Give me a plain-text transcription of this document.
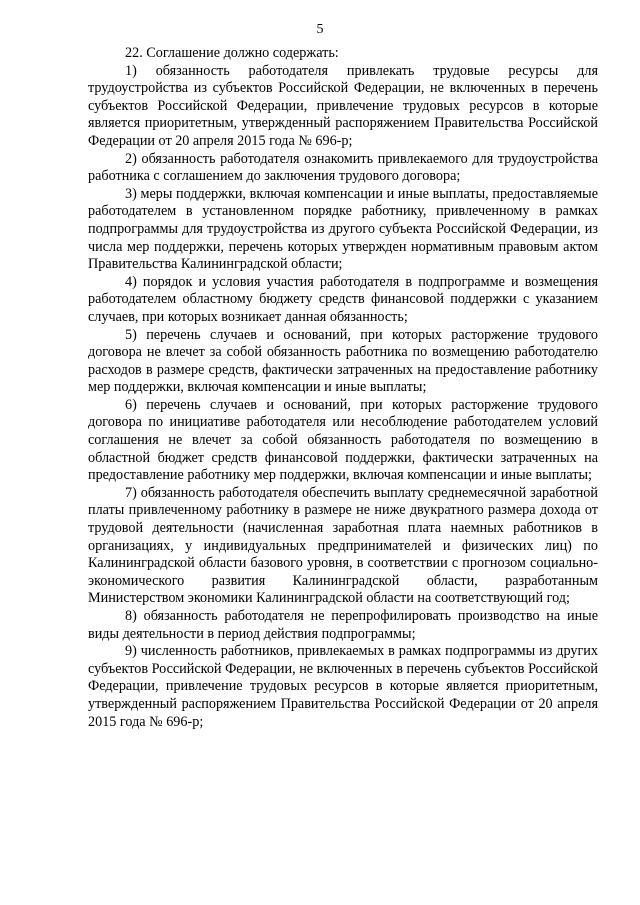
5

22. Соглашение должно содержать:

1) обязанность работодателя привлекать трудовые ресурсы для трудоустройства из субъектов Российской Федерации, не включенных в перечень субъектов Российской Федерации, привлечение трудовых ресурсов в которые является приоритетным, утвержденный распоряжением Правительства Российской Федерации от 20 апреля 2015 года № 696-р;

2) обязанность работодателя ознакомить привлекаемого для трудоустройства работника с соглашением до заключения трудового договора;

3) меры поддержки, включая компенсации и иные выплаты, предоставляемые работодателем в установленном порядке работнику, привлеченному в рамках подпрограммы для трудоустройства из другого субъекта Российской Федерации, из числа мер поддержки, перечень которых утвержден нормативным правовым актом Правительства Калининградской области;

4) порядок и условия участия работодателя в подпрограмме и возмещения работодателем областному бюджету средств финансовой поддержки с указанием случаев, при которых возникает данная обязанность;

5) перечень случаев и оснований, при которых расторжение трудового договора не влечет за собой обязанность работника по возмещению работодателю расходов в размере средств, фактически затраченных на предоставление работнику мер поддержки, включая компенсации и иные выплаты;

6) перечень случаев и оснований, при которых расторжение трудового договора по инициативе работодателя или несоблюдение работодателем условий соглашения не влечет за собой обязанность работодателя по возмещению в областной бюджет средств финансовой поддержки, фактически затраченных на предоставление работнику мер поддержки, включая компенсации и иные выплаты;

7) обязанность работодателя обеспечить выплату среднемесячной заработной платы привлеченному работнику в размере не ниже двукратного размера дохода от трудовой деятельности (начисленная заработная плата наемных работников в организациях, у индивидуальных предпринимателей и физических лиц) по Калининградской области базового уровня, в соответствии с прогнозом социально-экономического развития Калининградской области, разработанным Министерством экономики Калининградской области на соответствующий год;

8) обязанность работодателя не перепрофилировать производство на иные виды деятельности в период действия подпрограммы;

9) численность работников, привлекаемых в рамках подпрограммы из других субъектов Российской Федерации, не включенных в перечень субъектов Российской Федерации, привлечение трудовых ресурсов в которые является приоритетным, утвержденный распоряжением Правительства Российской Федерации от 20 апреля 2015 года № 696-р;
